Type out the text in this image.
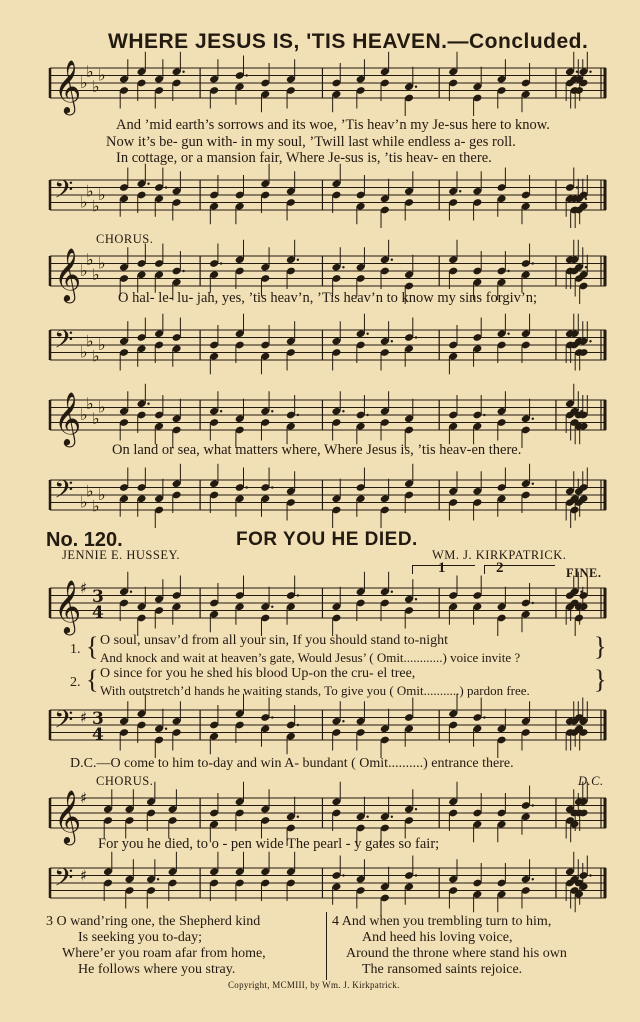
WHERE JESUS IS, 'TIS HEAVEN.—Concluded.
𝄞
♭
♭
♭
♭
And ’mid earth’s sorrows and its woe, ’Tis heav’n my Je-sus here to know.
Now it’s be- gun with- in my soul, ’Twill last while endless a- ges roll.
In cottage, or a mansion fair, Where Je-sus is, ’tis heav- en there.
𝄢 ♭
♭
♭
♭
CHORUS.
𝄞
♭
♭
♭
♭
O hal- le- lu- jah, yes, ’tis heav’n, ’Tis heav’n to know my sins forgiv’n;
𝄢 ♭
♭
♭
♭
𝄞
♭
♭
♭
♭
On land or sea, what matters where, Where Jesus is, ’tis heav-en there.
𝄢 ♭
♭
♭
♭
No. 120.	FOR YOU HE DIED.
JENNIE E. HUSSEY.	WM. J. KIRKPATRICK.
1	2	FINE.
𝄞
♯ 3
4
1. { O soul, unsav’d from all your sin, If you should stand to-night
And knock and wait at heaven’s gate, Would Jesus’ ( Omit............) voice invite ?	}
2. { O since for you he shed his blood Up-on the cru- el tree,
With outstretch’d hands he waiting stands, To give you ( Omit...........) pardon free. }
𝄢 ♯ 3
4
D.C.—O come to him to-day and win A- bundant ( Omit..........) entrance there.
CHORUS.	D.C.
𝄞
♯
For you he died, to o - pen wide The pearl - y gates so fair;
𝄢 ♯
3 O wand’ring one, the Shepherd kind
Is seeking you to-day;
Where’er you roam afar from home,
He follows where you stray.
4 And when you trembling turn to him,
And heed his loving voice,
Around the throne where stand his own
The ransomed saints rejoice.
Copyright, MCMIII, by Wm. J. Kirkpatrick.
